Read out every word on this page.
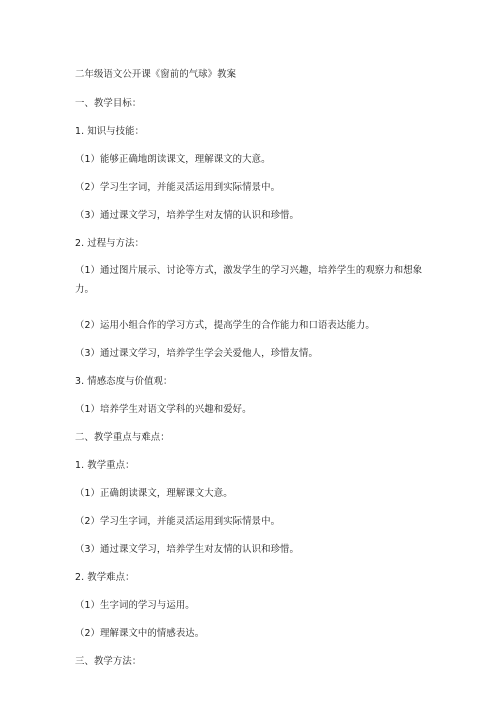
二年级语文公开课《窗前的气球》教案
一、教学目标：
1. 知识与技能：
（1）能够正确地朗读课文，理解课文的大意。
（2）学习生字词，并能灵活运用到实际情景中。
（3）通过课文学习，培养学生对友情的认识和珍惜。
2. 过程与方法：
（1）通过图片展示、讨论等方式，激发学生的学习兴趣，培养学生的观察力和想象力。
（2）运用小组合作的学习方式，提高学生的合作能力和口语表达能力。
（3）通过课文学习，培养学生学会关爱他人，珍惜友情。
3. 情感态度与价值观：
（1）培养学生对语文学科的兴趣和爱好。
二、教学重点与难点：
1. 教学重点：
（1）正确朗读课文，理解课文大意。
（2）学习生字词，并能灵活运用到实际情景中。
（3）通过课文学习，培养学生对友情的认识和珍惜。
2. 教学难点：
（1）生字词的学习与运用。
（2）理解课文中的情感表达。
三、教学方法：
